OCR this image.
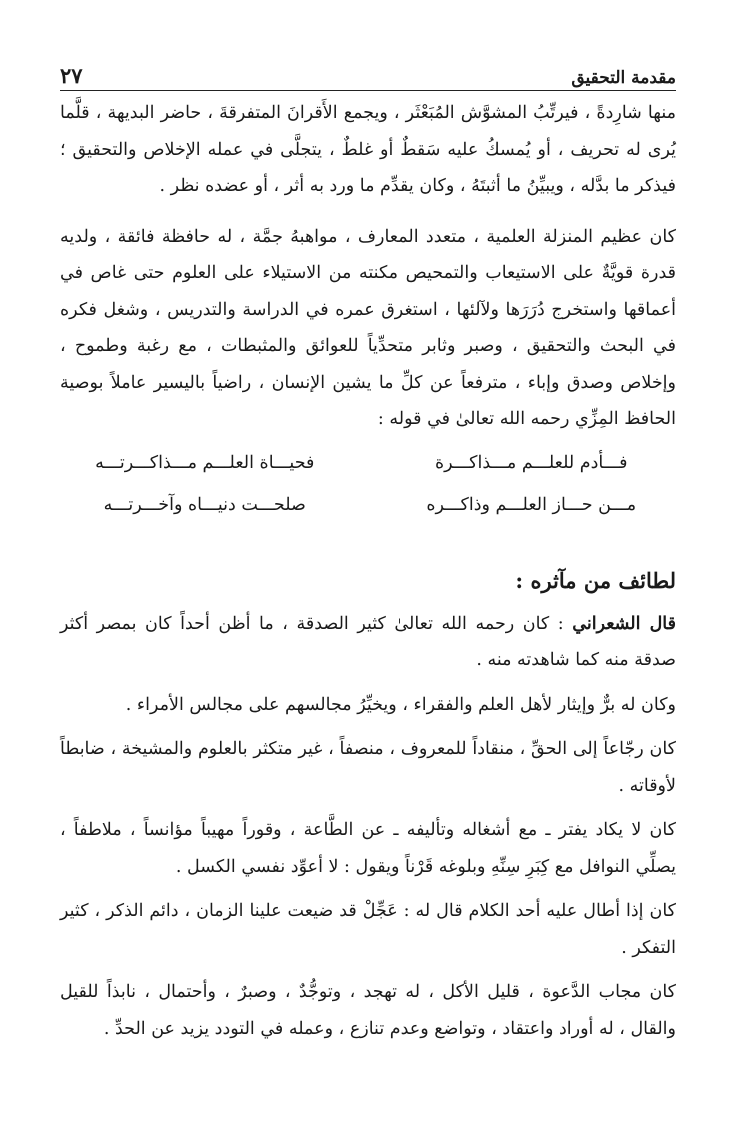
مقدمة التحقيق
٢٧

منها شارِدةً ، فيرتِّبُ المشوَّش المُبَعْثَر ، ويجمع الأَقرانَ المتفرقةَ ، حاضر البديهة ، قلَّما يُرى له تحريف ، أو يُمسكُ عليه سَقطٌ أو غلطٌ ، يتجلَّى في عمله الإخلاص والتحقيق ؛ فيذكر ما بدَّله ، ويبيِّنُ ما أثبتَهُ ، وكان يقدِّم ما ورد به أثر ، أو عضده نظر .

كان عظيم المنزلة العلمية ، متعدد المعارف ، مواهبهُ جمَّة ، له حافظة فائقة ، ولديه قدرة قويَّةٌ على الاستيعاب والتمحيص مكنته من الاستيلاء على العلوم حتى غاص في أعماقها واستخرج دُرَرَها ولآلئها ، استغرق عمره في الدراسة والتدريس ، وشغل فكره في البحث والتحقيق ، وصبر وثابر متحدِّياً للعوائق والمثبطات ، مع رغبة وطموح ، وإخلاص وصدق وإباء ، مترفعاً عن كلِّ ما يشين الإنسان ، راضياً باليسير عاملاً بوصية الحافظ المِزِّي رحمه الله تعالىٰ في قوله :

فـــأدم للعلـــم مـــذاكـــرة
فحيـــاة العلـــم مـــذاكـــرتـــه
مـــن حـــاز العلـــم وذاكـــره
صلحـــت دنيـــاه وآخـــرتـــه
لطائف من مآثره :

قال الشعراني : كان رحمه الله تعالىٰ كثير الصدقة ، ما أظن أحداً كان بمصر أكثر صدقة منه كما شاهدته منه .

وكان له برٌّ وإيثار لأهل العلم والفقراء ، ويخيِّرُ مجالسهم على مجالس الأمراء .

كان رجّاعاً إلى الحقِّ ، منقاداً للمعروف ، منصفاً ، غير متكثر بالعلوم والمشيخة ، ضابطاً لأوقاته .

كان لا يكاد يفتر ـ مع أشغاله وتأليفه ـ عن الطَّاعة ، وقوراً مهيباً مؤانساً ، ملاطفاً ، يصلِّي النوافل مع كِبَرِ سِنِّهِ وبلوغه قَرْناً ويقول : لا أعوِّد نفسي الكسل .

كان إذا أطال عليه أحد الكلام قال له : عَجِّلْ قد ضيعت علينا الزمان ، دائم الذكر ، كثير التفكر .

كان مجاب الدَّعوة ، قليل الأكل ، له تهجد ، وتوجُّدٌ ، وصبرٌ ، وأحتمال ، نابذاً للقيل والقال ، له أوراد واعتقاد ، وتواضع وعدم تنازع ، وعمله في التودد يزيد عن الحدِّ .
